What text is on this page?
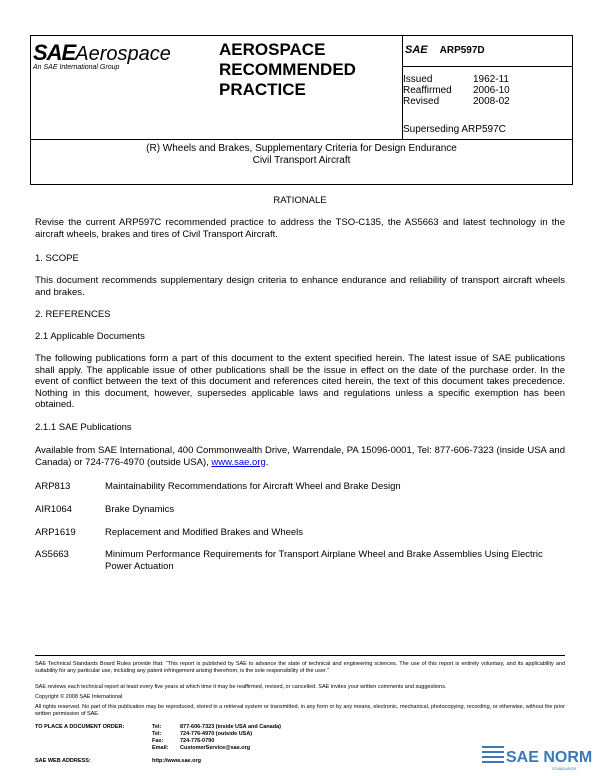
SAEAerospace
An SAE International Group
AEROSPACE
RECOMMENDED
PRACTICE
SAE ARP597D
Issued	1962-11
Reaffirmed	2006-10
Revised	2008-02
Superseding ARP597C
(R) Wheels and Brakes, Supplementary Criteria for Design Endurance
Civil Transport Aircraft
RATIONALE
Revise the current ARP597C recommended practice to address the TSO-C135, the AS5663 and latest technology in the aircraft wheels, brakes and tires of Civil Transport Aircraft.
1. SCOPE
This document recommends supplementary design criteria to enhance endurance and reliability of transport aircraft wheels and brakes.
2. REFERENCES
2.1 Applicable Documents
The following publications form a part of this document to the extent specified herein. The latest issue of SAE publications shall apply. The applicable issue of other publications shall be the issue in effect on the date of the purchase order. In the event of conflict between the text of this document and references cited herein, the text of this document takes precedence. Nothing in this document, however, supersedes applicable laws and regulations unless a specific exemption has been obtained.
2.1.1 SAE Publications
Available from SAE International, 400 Commonwealth Drive, Warrendale, PA 15096-0001, Tel: 877-606-7323 (inside USA and Canada) or 724-776-4970 (outside USA), www.sae.org.
ARP813	Maintainability Recommendations for Aircraft Wheel and Brake Design
AIR1064	Brake Dynamics
ARP1619	Replacement and Modified Brakes and Wheels
AS5663	Minimum Performance Requirements for Transport Airplane Wheel and Brake Assemblies Using Electric Power Actuation
SAE Technical Standards Board Rules provide that: “This report is published by SAE to advance the state of technical and engineering sciences. The use of this report is entirely voluntary, and its applicability and suitability for any particular use, including any patent infringement arising therefrom, is the sole responsibility of the user.”
SAE reviews each technical report at least every five years at which time it may be reaffirmed, revised, or cancelled. SAE invites your written comments and suggestions.
Copyright © 2008 SAE International
All rights reserved. No part of this publication may be reproduced, stored in a retrieval system or transmitted, in any form or by any means, electronic, mechanical, photocopying, recording, or otherwise, without the prior written permission of SAE.
TO PLACE A DOCUMENT ORDER:	Tel:	877-606-7323 (inside USA and Canada)
Tel:	724-776-4970 (outside USA)
Fax:	724-776-0790
Email:	CustomerService@sae.org
SAE WEB ADDRESS:	http://www.sae.org	SAE NORM
STANDARDS
